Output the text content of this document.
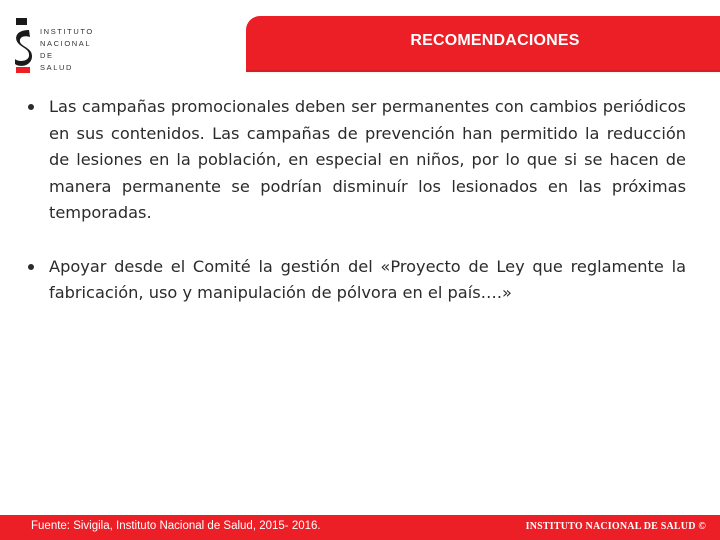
INSTITUTO
NACIONAL DE
SALUD
RECOMENDACIONES
Las campañas promocionales deben ser permanentes con cambios periódicos en sus contenidos. Las campañas de prevención han permitido la reducción de lesiones en la población, en especial en niños, por lo que si se hacen de manera permanente se podrían disminuír los lesionados en las próximas temporadas.
Apoyar desde el Comité la gestión del «Proyecto de Ley que reglamente la fabricación, uso y manipulación de pólvora en el país….»
Fuente: Sivigila, Instituto Nacional de Salud, 2015- 2016.	INSTITUTO NACIONAL DE SALUD ©
